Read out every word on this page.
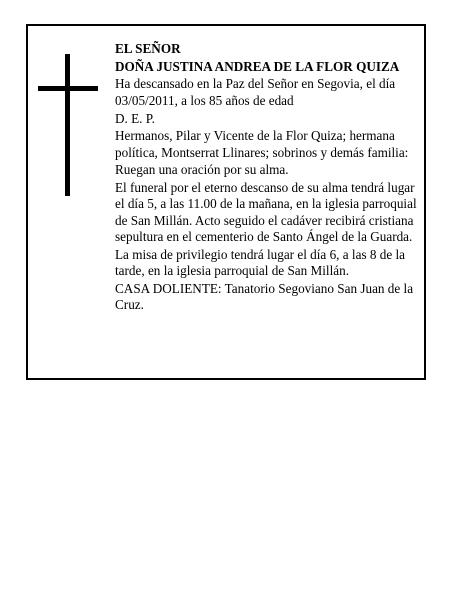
EL SEÑOR

DOÑA JUSTINA ANDREA DE LA FLOR QUIZA

Ha descansado en la Paz del Señor en Segovia, el día 03/05/2011, a los 85 años de edad

D. E. P.

Hermanos, Pilar y Vicente de la Flor Quiza; hermana política, Montserrat Llinares; sobrinos y demás familia:

Ruegan una oración por su alma.

El funeral por el eterno descanso de su alma tendrá lugar el día 5, a las 11.00 de la mañana, en la iglesia parroquial de San Millán. Acto seguido el cadáver recibirá cristiana sepultura en el cementerio de Santo Ángel de la Guarda.

La misa de privilegio tendrá lugar el día 6, a las 8 de la tarde, en la iglesia parroquial de San Millán.

CASA DOLIENTE: Tanatorio Segoviano San Juan de la Cruz.
